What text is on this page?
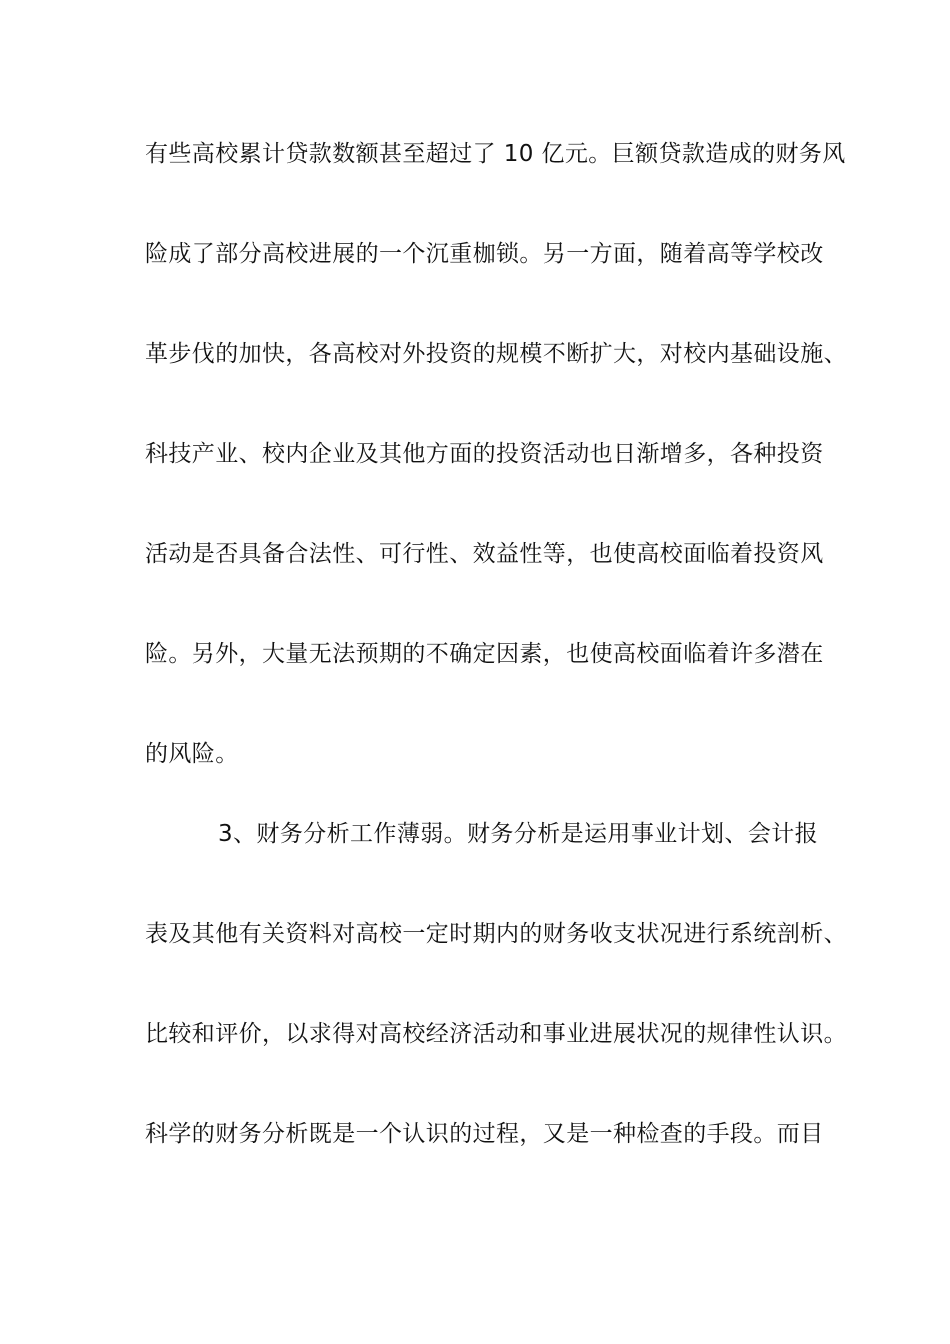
有些高校累计贷款数额甚至超过了 10 亿元。巨额贷款造成的财务风
险成了部分高校进展的一个沉重枷锁。另一方面，随着高等学校改
革步伐的加快，各高校对外投资的规模不断扩大，对校内基础设施、
科技产业、校内企业及其他方面的投资活动也日渐增多，各种投资
活动是否具备合法性、可行性、效益性等，也使高校面临着投资风
险。另外，大量无法预期的不确定因素，也使高校面临着许多潜在
的风险。
3、财务分析工作薄弱。财务分析是运用事业计划、会计报
表及其他有关资料对高校一定时期内的财务收支状况进行系统剖析、
比较和评价，以求得对高校经济活动和事业进展状况的规律性认识。
科学的财务分析既是一个认识的过程，又是一种检查的手段。而目
